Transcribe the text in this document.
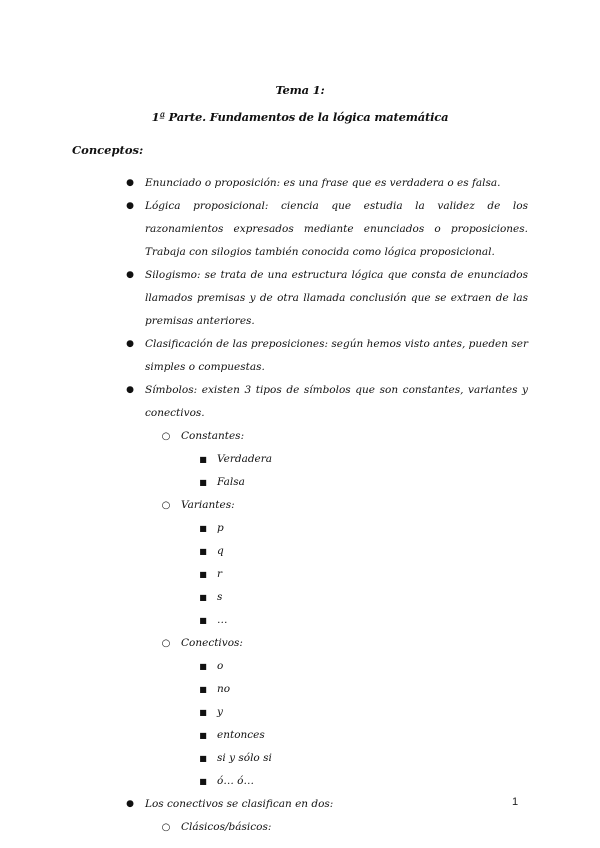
Tema 1:
1ª Parte. Fundamentos de la lógica matemática
Conceptos:
● Enunciado o proposición: es una frase que es verdadera o es falsa.
● Lógica proposicional: ciencia que estudia la validez de los razonamientos expresados mediante enunciados o proposiciones. Trabaja con silogios también conocida como lógica proposicional.
● Silogismo: se trata de una estructura lógica que consta de enunciados llamados premisas y de otra llamada conclusión que se extraen de las premisas anteriores.
● Clasificación de las preposiciones: según hemos visto antes, pueden ser simples o compuestas.
● Símbolos: existen 3 tipos de símbolos que son constantes, variantes y conectivos.
○ Constantes:
■ Verdadera
■ Falsa
○ Variantes:
■ p
■ q
■ r
■ s
■ …
○ Conectivos:
■ o
■ no
■ y
■ entonces
■ si y sólo si
■ ó… ó…
● Los conectivos se clasifican en dos:
○ Clásicos/básicos:
1
